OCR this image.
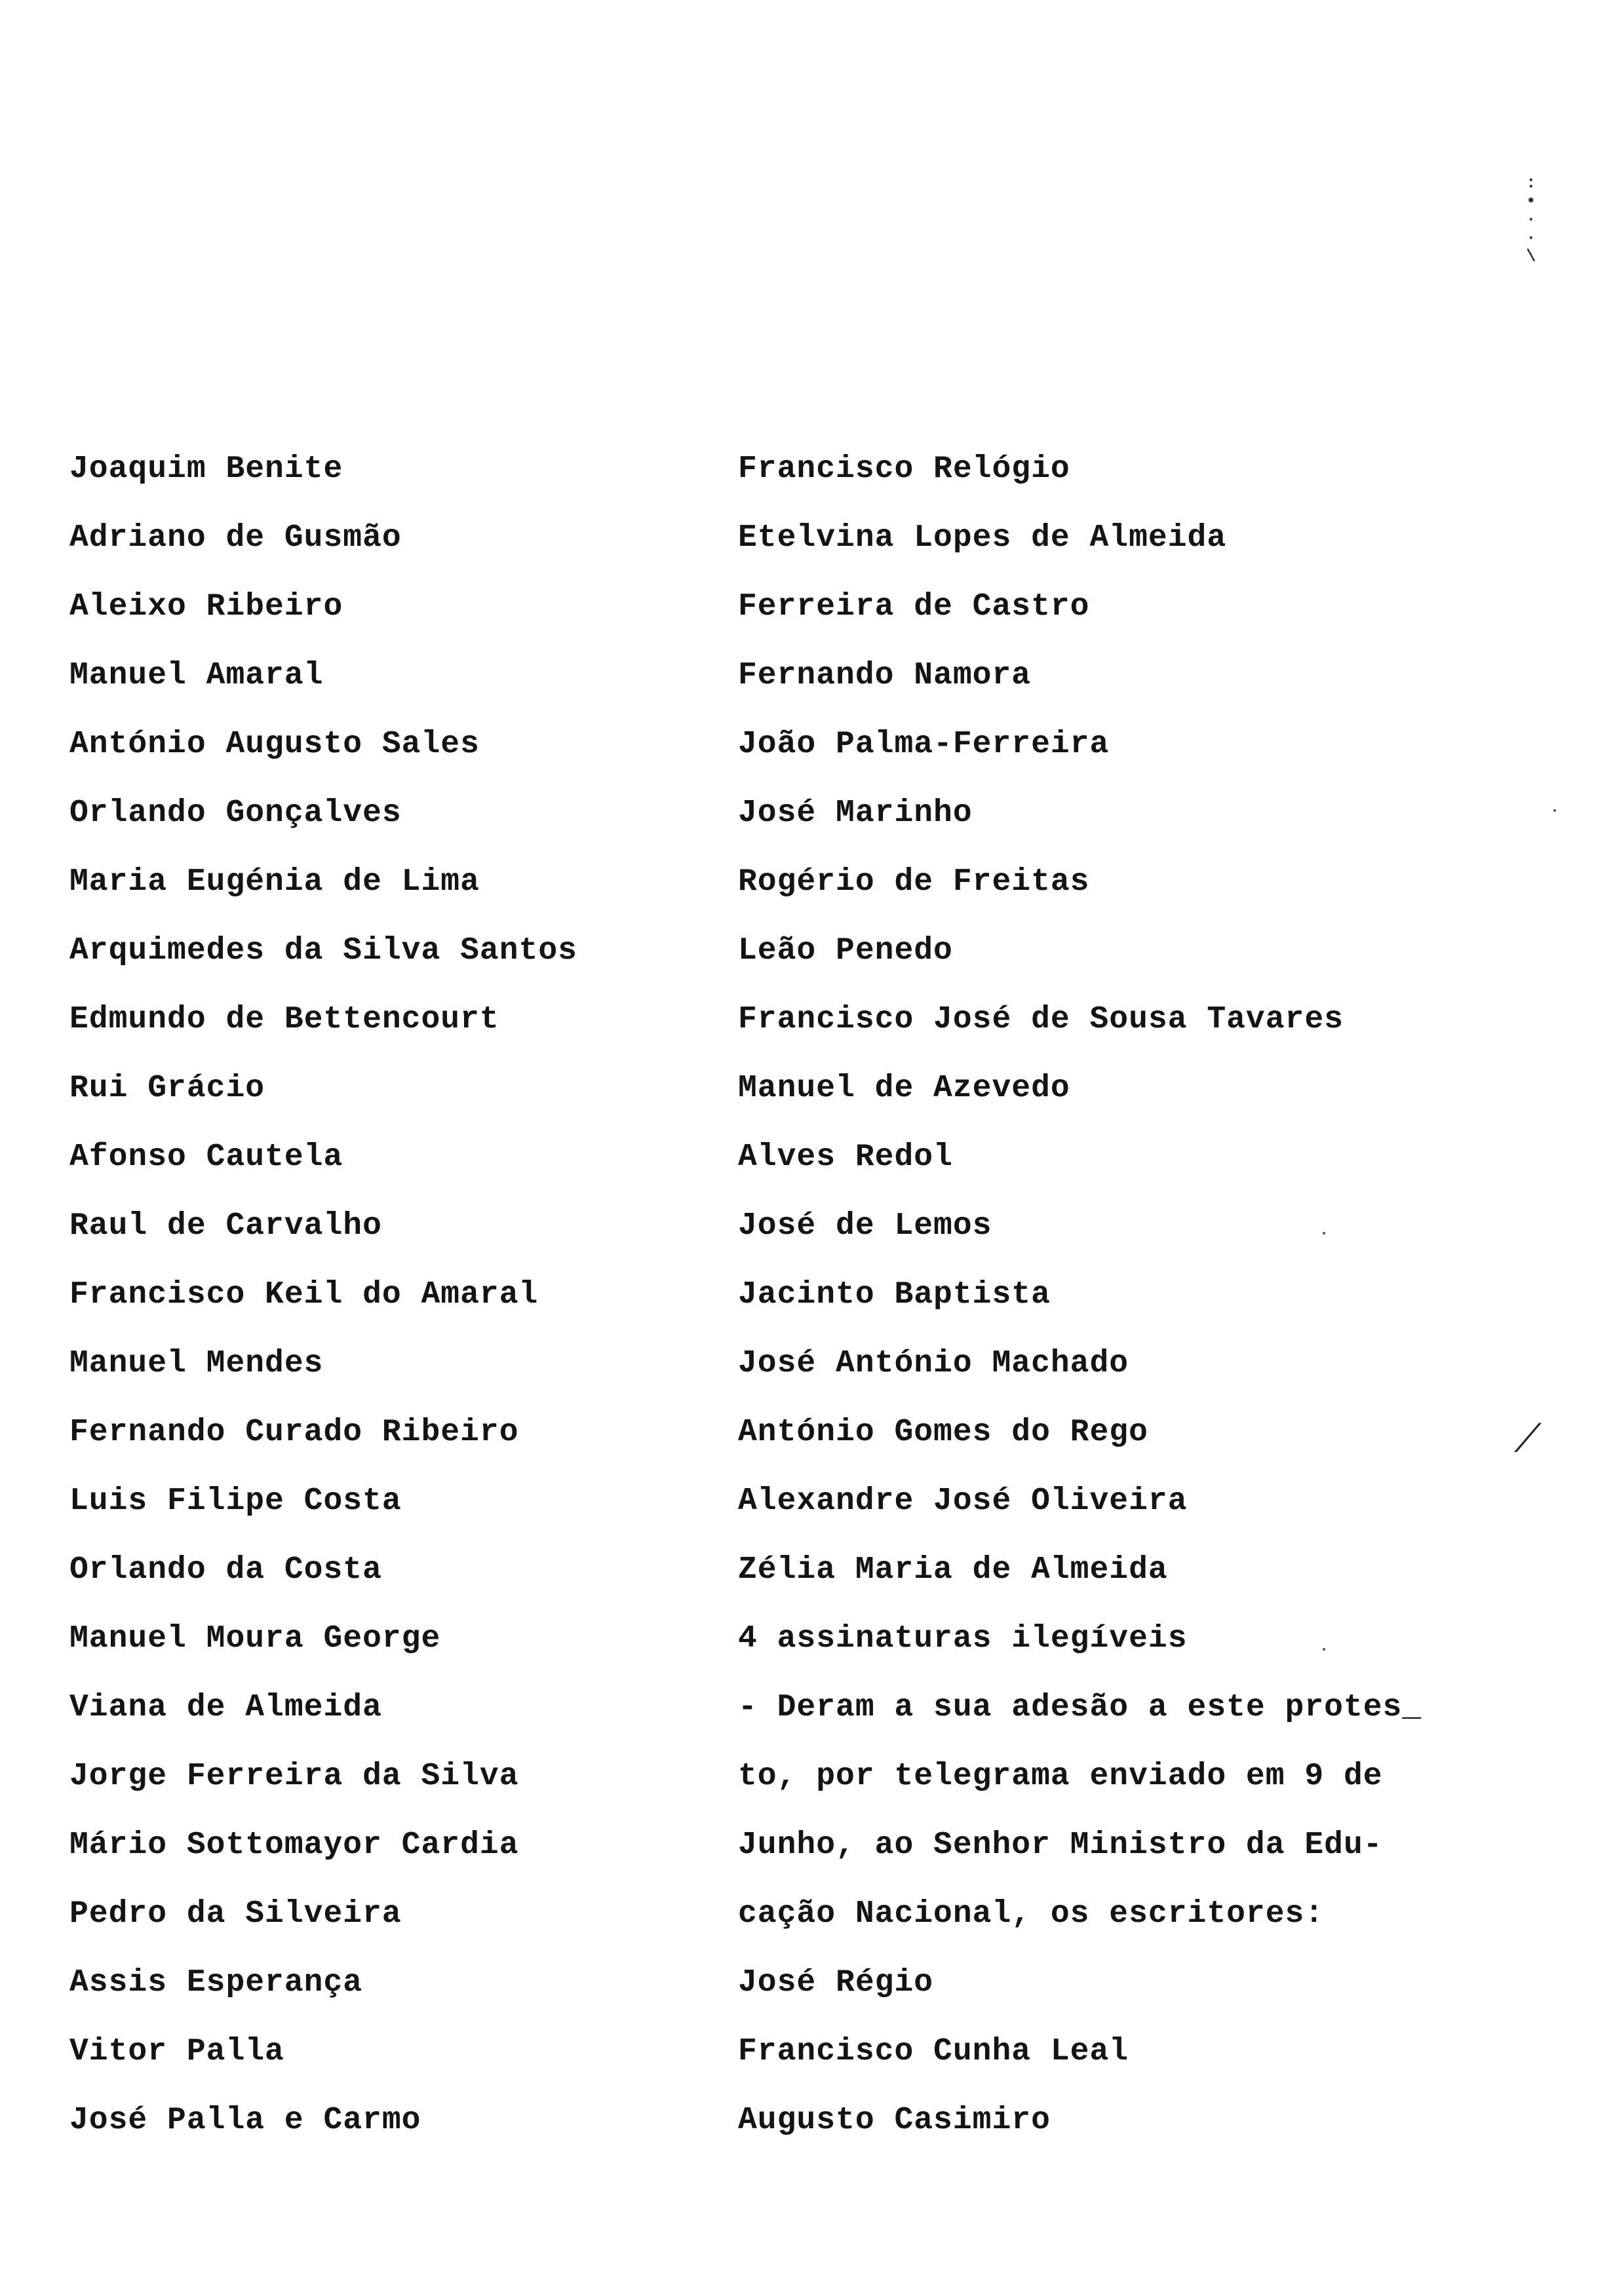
:
•
·
·
\
⟋
Joaquim Benite
Adriano de Gusmão
Aleixo Ribeiro
Manuel Amaral
António Augusto Sales
Orlando Gonçalves
Maria Eugénia de Lima
Arquimedes da Silva Santos
Edmundo de Bettencourt
Rui Grácio
Afonso Cautela
Raul de Carvalho
Francisco Keil do Amaral
Manuel Mendes
Fernando Curado Ribeiro
Luis Filipe Costa
Orlando da Costa
Manuel Moura George
Viana de Almeida
Jorge Ferreira da Silva
Mário Sottomayor Cardia
Pedro da Silveira
Assis Esperança
Vitor Palla
José Palla e Carmo
Francisco Relógio
Etelvina Lopes de Almeida
Ferreira de Castro
Fernando Namora
João Palma-Ferreira
José Marinho
Rogério de Freitas
Leão Penedo
Francisco José de Sousa Tavares
Manuel de Azevedo
Alves Redol
José de Lemos
Jacinto Baptista
José António Machado
António Gomes do Rego
Alexandre José Oliveira
Zélia Maria de Almeida
4 assinaturas ilegíveis
- Deram a sua adesão a este protes_
to, por telegrama enviado em 9 de
Junho, ao Senhor Ministro da Edu-
cação Nacional, os escritores:
José Régio
Francisco Cunha Leal
Augusto Casimiro
